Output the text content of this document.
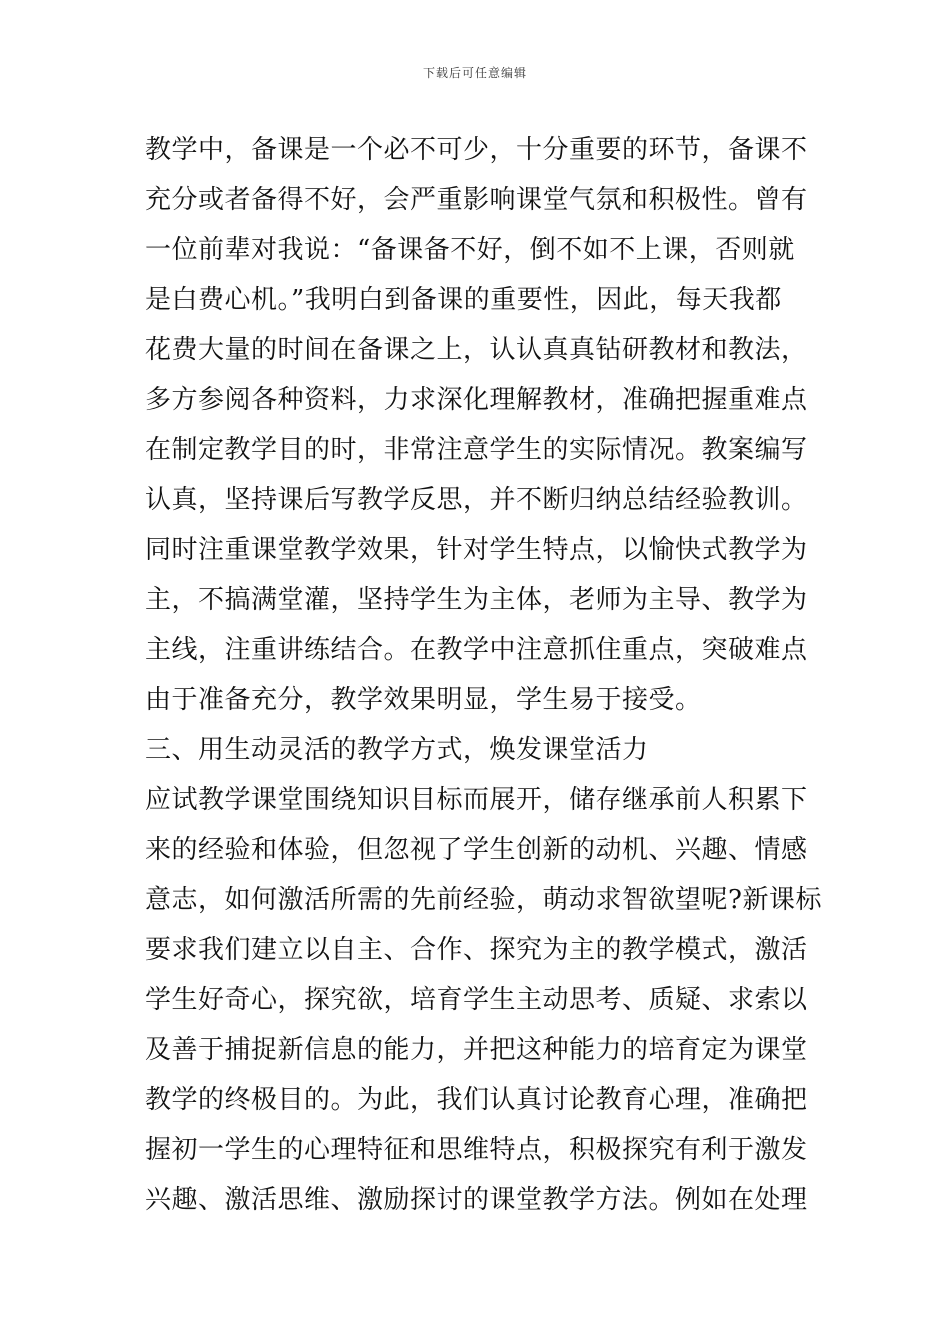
下载后可任意编辑
教学中，备课是一个必不可少，十分重要的环节，备课不
充分或者备得不好，会严重影响课堂气氛和积极性。曾有
一位前辈对我说：“备课备不好，倒不如不上课，否则就
是白费心机。”我明白到备课的重要性，因此，每天我都
花费大量的时间在备课之上，认认真真钻研教材和教法，
多方参阅各种资料，力求深化理解教材，准确把握重难点
在制定教学目的时，非常注意学生的实际情况。教案编写
认真，坚持课后写教学反思，并不断归纳总结经验教训。
同时注重课堂教学效果，针对学生特点，以愉快式教学为
主，不搞满堂灌，坚持学生为主体，老师为主导、教学为
主线，注重讲练结合。在教学中注意抓住重点，突破难点
由于准备充分，教学效果明显，学生易于接受。
三、用生动灵活的教学方式，焕发课堂活力
应试教学课堂围绕知识目标而展开，储存继承前人积累下
来的经验和体验，但忽视了学生创新的动机、兴趣、情感
意志，如何激活所需的先前经验，萌动求智欲望呢?新课标
要求我们建立以自主、合作、探究为主的教学模式，激活
学生好奇心，探究欲，培育学生主动思考、质疑、求索以
及善于捕捉新信息的能力，并把这种能力的培育定为课堂
教学的终极目的。为此，我们认真讨论教育心理，准确把
握初一学生的心理特征和思维特点，积极探究有利于激发
兴趣、激活思维、激励探讨的课堂教学方法。例如在处理
